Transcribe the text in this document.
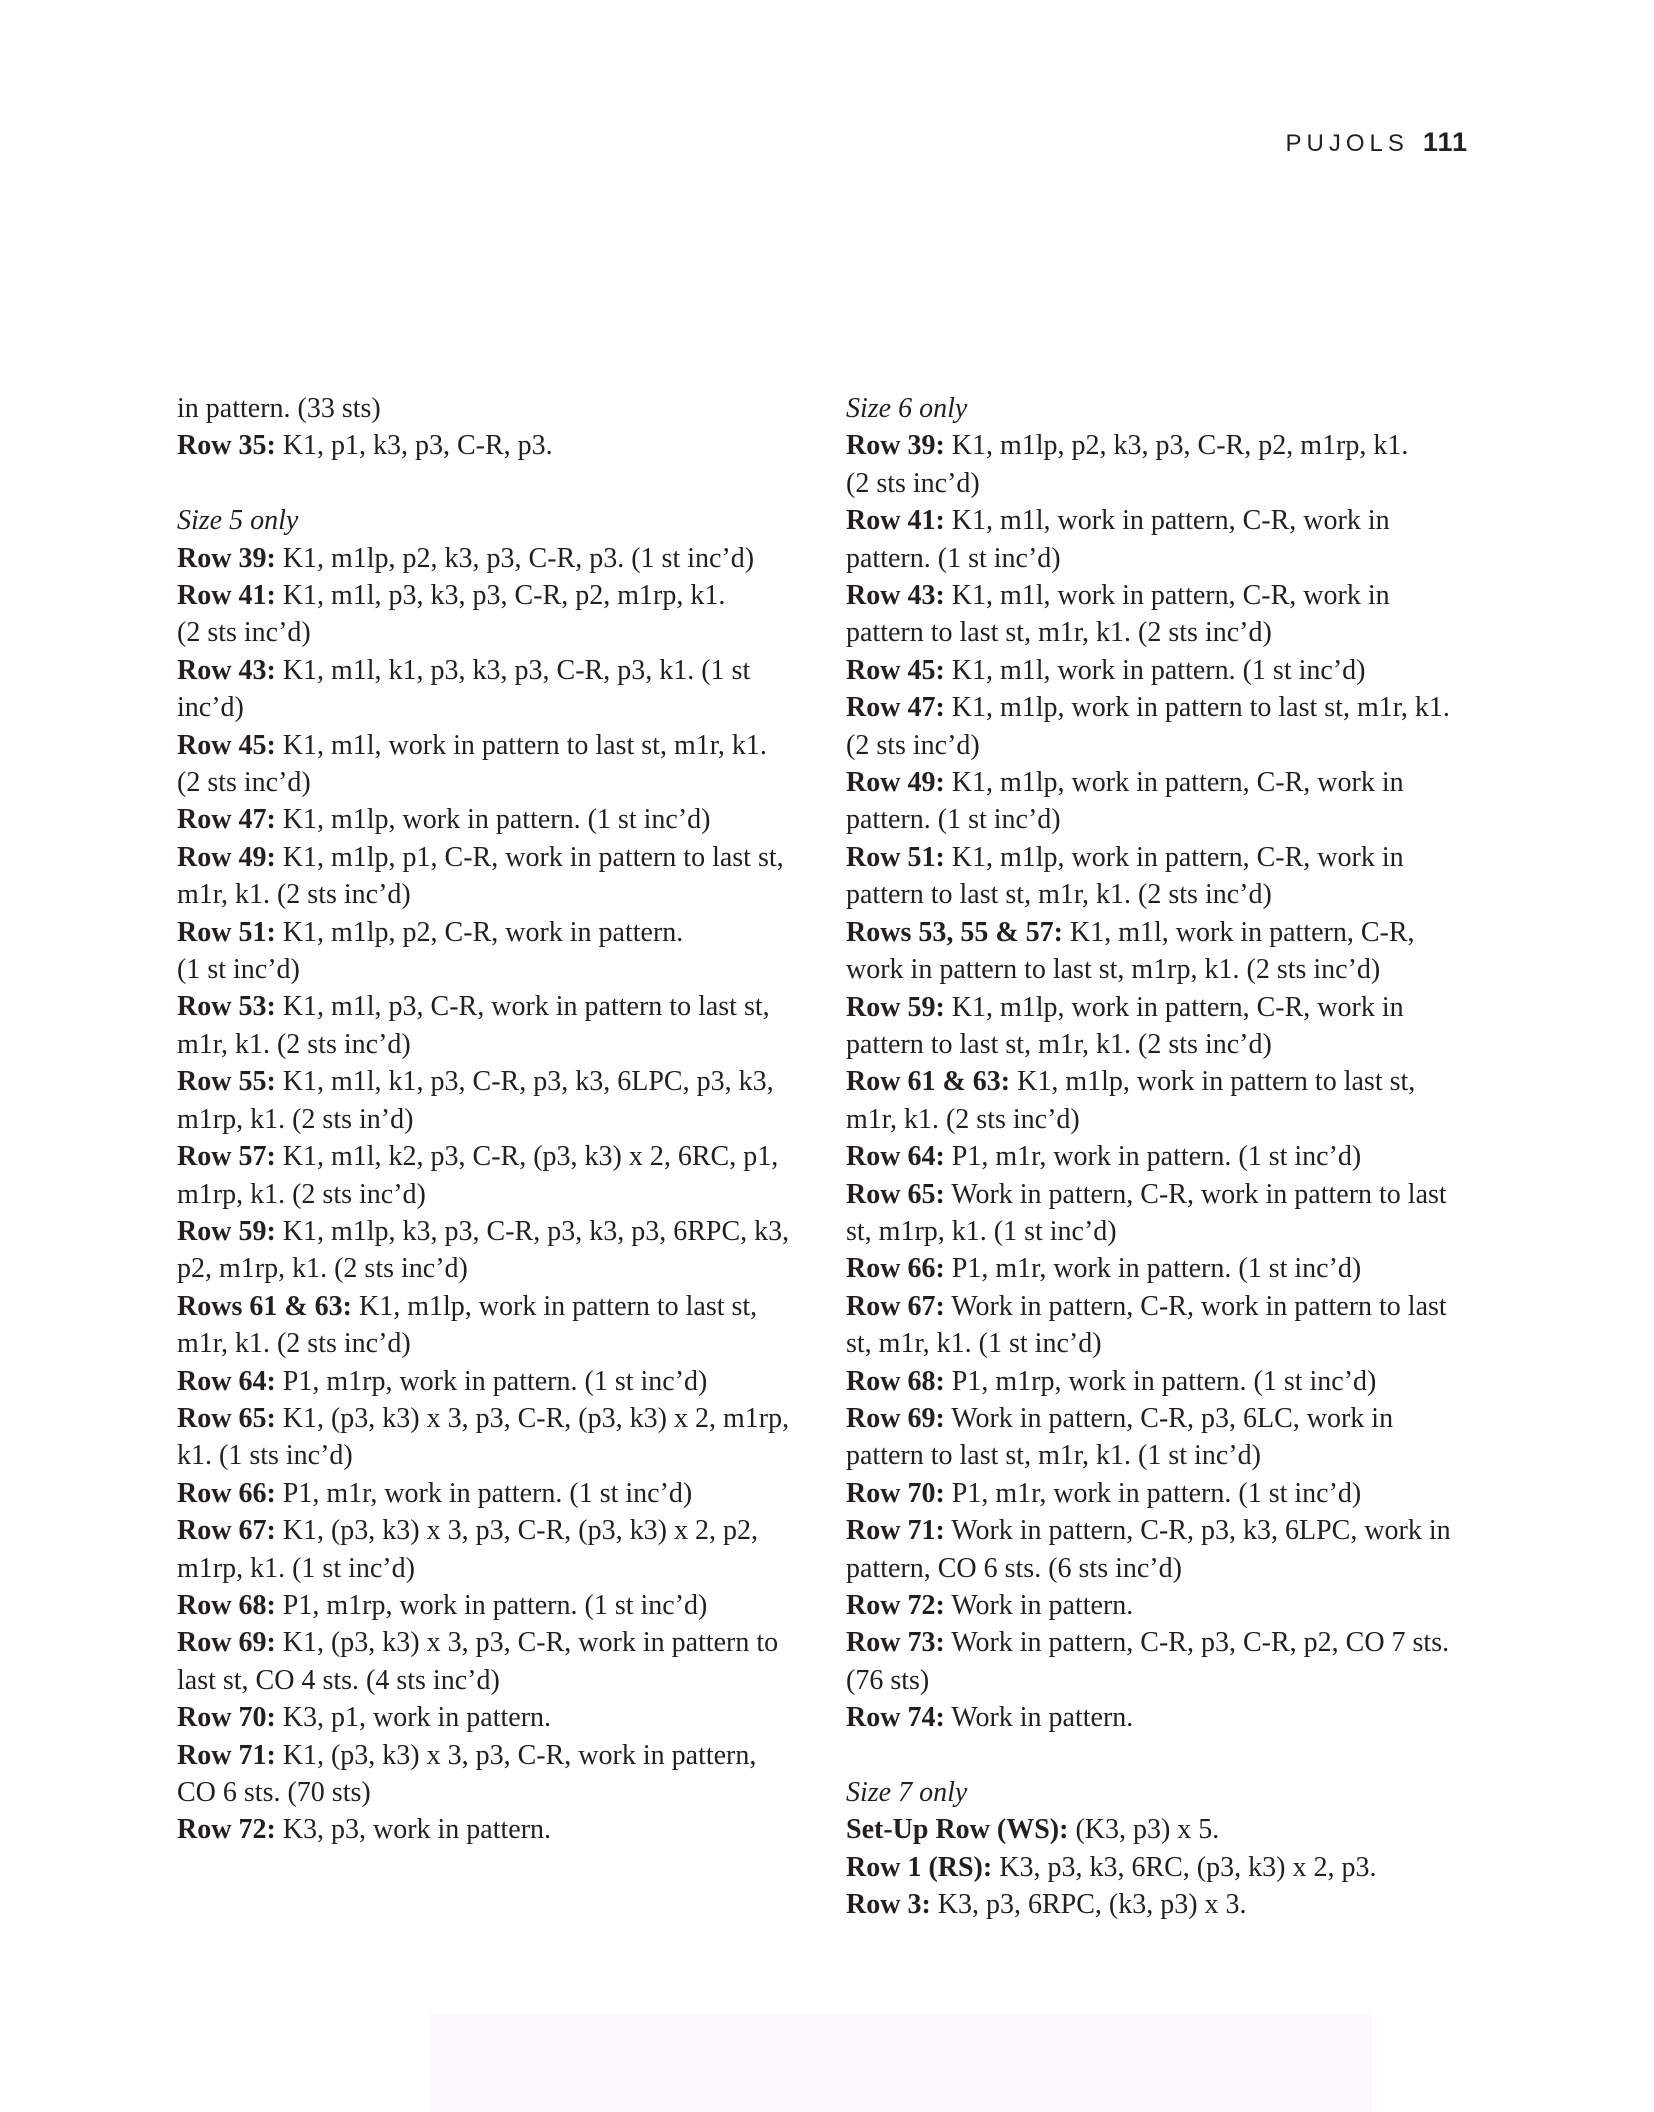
PUJOLS 111
in pattern. (33 sts)
Row 35: K1, p1, k3, p3, C-R, p3.
Size 5 only
Row 39: K1, m1lp, p2, k3, p3, C-R, p3. (1 st inc’d)
Row 41: K1, m1l, p3, k3, p3, C-R, p2, m1rp, k1.
(2 sts inc’d)
Row 43: K1, m1l, k1, p3, k3, p3, C-R, p3, k1. (1 st
inc’d)
Row 45: K1, m1l, work in pattern to last st, m1r, k1.
(2 sts inc’d)
Row 47: K1, m1lp, work in pattern. (1 st inc’d)
Row 49: K1, m1lp, p1, C-R, work in pattern to last st,
m1r, k1. (2 sts inc’d)
Row 51: K1, m1lp, p2, C-R, work in pattern.
(1 st inc’d)
Row 53: K1, m1l, p3, C-R, work in pattern to last st,
m1r, k1. (2 sts inc’d)
Row 55: K1, m1l, k1, p3, C-R, p3, k3, 6LPC, p3, k3,
m1rp, k1. (2 sts in’d)
Row 57: K1, m1l, k2, p3, C-R, (p3, k3) x 2, 6RC, p1,
m1rp, k1. (2 sts inc’d)
Row 59: K1, m1lp, k3, p3, C-R, p3, k3, p3, 6RPC, k3,
p2, m1rp, k1. (2 sts inc’d)
Rows 61 & 63: K1, m1lp, work in pattern to last st,
m1r, k1. (2 sts inc’d)
Row 64: P1, m1rp, work in pattern. (1 st inc’d)
Row 65: K1, (p3, k3) x 3, p3, C-R, (p3, k3) x 2, m1rp,
k1. (1 sts inc’d)
Row 66: P1, m1r, work in pattern. (1 st inc’d)
Row 67: K1, (p3, k3) x 3, p3, C-R, (p3, k3) x 2, p2,
m1rp, k1. (1 st inc’d)
Row 68: P1, m1rp, work in pattern. (1 st inc’d)
Row 69: K1, (p3, k3) x 3, p3, C-R, work in pattern to
last st, CO 4 sts. (4 sts inc’d)
Row 70: K3, p1, work in pattern.
Row 71: K1, (p3, k3) x 3, p3, C-R, work in pattern,
CO 6 sts. (70 sts)
Row 72: K3, p3, work in pattern.
Size 6 only
Row 39: K1, m1lp, p2, k3, p3, C-R, p2, m1rp, k1.
(2 sts inc’d)
Row 41: K1, m1l, work in pattern, C-R, work in
pattern. (1 st inc’d)
Row 43: K1, m1l, work in pattern, C-R, work in
pattern to last st, m1r, k1. (2 sts inc’d)
Row 45: K1, m1l, work in pattern. (1 st inc’d)
Row 47: K1, m1lp, work in pattern to last st, m1r, k1.
(2 sts inc’d)
Row 49: K1, m1lp, work in pattern, C-R, work in
pattern. (1 st inc’d)
Row 51: K1, m1lp, work in pattern, C-R, work in
pattern to last st, m1r, k1. (2 sts inc’d)
Rows 53, 55 & 57: K1, m1l, work in pattern, C-R,
work in pattern to last st, m1rp, k1. (2 sts inc’d)
Row 59: K1, m1lp, work in pattern, C-R, work in
pattern to last st, m1r, k1. (2 sts inc’d)
Row 61 & 63: K1, m1lp, work in pattern to last st,
m1r, k1. (2 sts inc’d)
Row 64: P1, m1r, work in pattern. (1 st inc’d)
Row 65: Work in pattern, C-R, work in pattern to last
st, m1rp, k1. (1 st inc’d)
Row 66: P1, m1r, work in pattern. (1 st inc’d)
Row 67: Work in pattern, C-R, work in pattern to last
st, m1r, k1. (1 st inc’d)
Row 68: P1, m1rp, work in pattern. (1 st inc’d)
Row 69: Work in pattern, C-R, p3, 6LC, work in
pattern to last st, m1r, k1. (1 st inc’d)
Row 70: P1, m1r, work in pattern. (1 st inc’d)
Row 71: Work in pattern, C-R, p3, k3, 6LPC, work in
pattern, CO 6 sts. (6 sts inc’d)
Row 72: Work in pattern.
Row 73: Work in pattern, C-R, p3, C-R, p2, CO 7 sts.
(76 sts)
Row 74: Work in pattern.
Size 7 only
Set-Up Row (WS): (K3, p3) x 5.
Row 1 (RS): K3, p3, k3, 6RC, (p3, k3) x 2, p3.
Row 3: K3, p3, 6RPC, (k3, p3) x 3.
